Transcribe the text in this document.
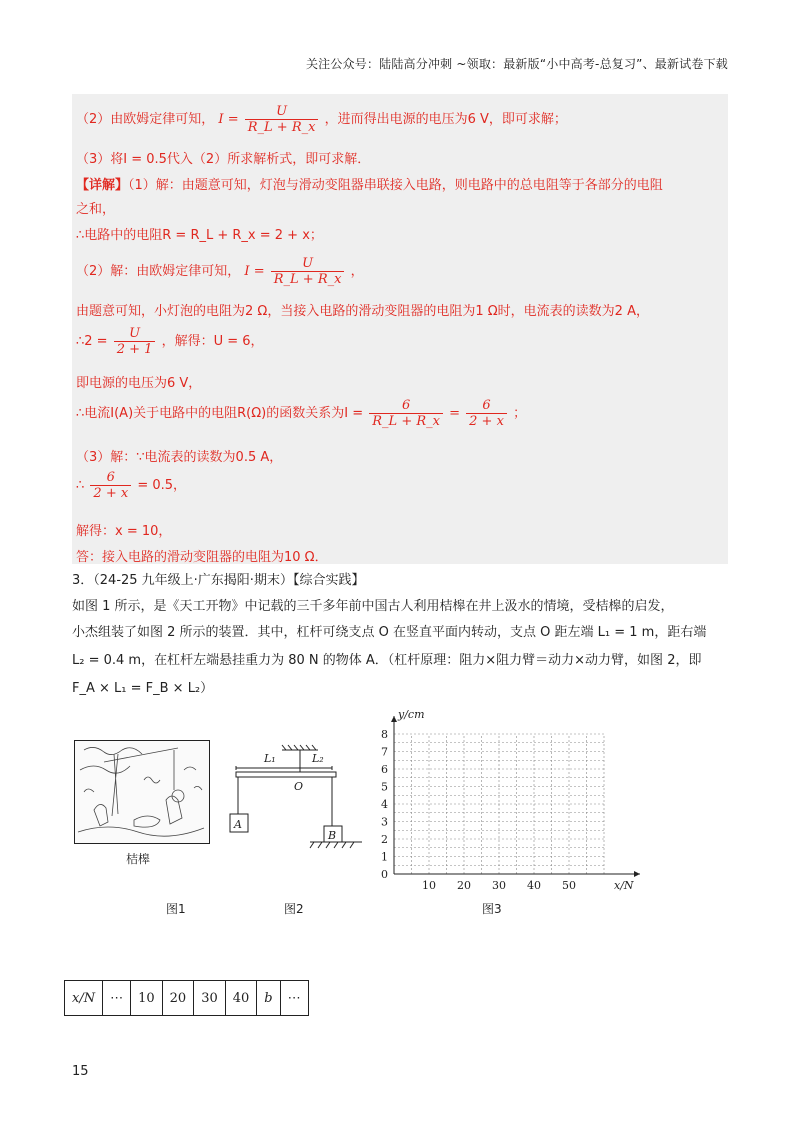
关注公众号：陆陆高分冲刺 ~领取：最新版“小中高考-总复习”、最新试卷下载
（2）由欧姆定律可知， $I = \frac{U}{R\_L + R\_x}$ ，进而得出电源的电压为6 V，即可求解；
（3）将I = 0.5代入（2）所求解析式，即可求解．
【详解】（1）解：由题意可知，灯泡与滑动变阻器串联接入电路，则电路中的总电阻等于各部分的电阻
之和，
∴电路中的电阻R = R_L + R_x = 2 + x；
（2）解：由欧姆定律可知， $I = \frac{U}{R\_L + R\_x}$ ，
由题意可知，小灯泡的电阻为2 Ω，当接入电路的滑动变阻器的电阻为1 Ω时，电流表的读数为2 A，
∴2 = $\frac{U}{2 + 1}$ ，解得：U = 6，
即电源的电压为6 V，
∴电流I(A)关于电路中的电阻R(Ω)的函数关系为$I = \frac{6}{R\_L + R\_x} = \frac{6}{2 + x}$ ；
（3）解：∵电流表的读数为0.5 A，
∴ $\frac{6}{2 + x} = 0.5$，
解得：x = 10，
答：接入电路的滑动变阻器的电阻为10 Ω．
3．（24-25 九年级上·广东揭阳·期末）【综合实践】
如图 1 所示，是《天工开物》中记载的三千多年前中国古人利用桔槔在井上汲水的情境，受桔槔的启发，
小杰组装了如图 2 所示的装置．其中，杠杆可绕支点 O 在竖直平面内转动，支点 O 距左端 L₁ = 1 m，距右端
L₂ = 0.4 m，在杠杆左端悬挂重力为 80 N 的物体 A．（杠杆原理：阻力×阻力臂＝动力×动力臂，如图 2，即
F_A × L₁ = F_B × L₂）
桔槔
图1
L₁	L₂
O
A
B
图2
10 20 30 40 50
0
1
2
3
4
5
6
7
8
x/N
y/cm
图3
x/N	⋯	10	20	30	40	b	⋯
15
